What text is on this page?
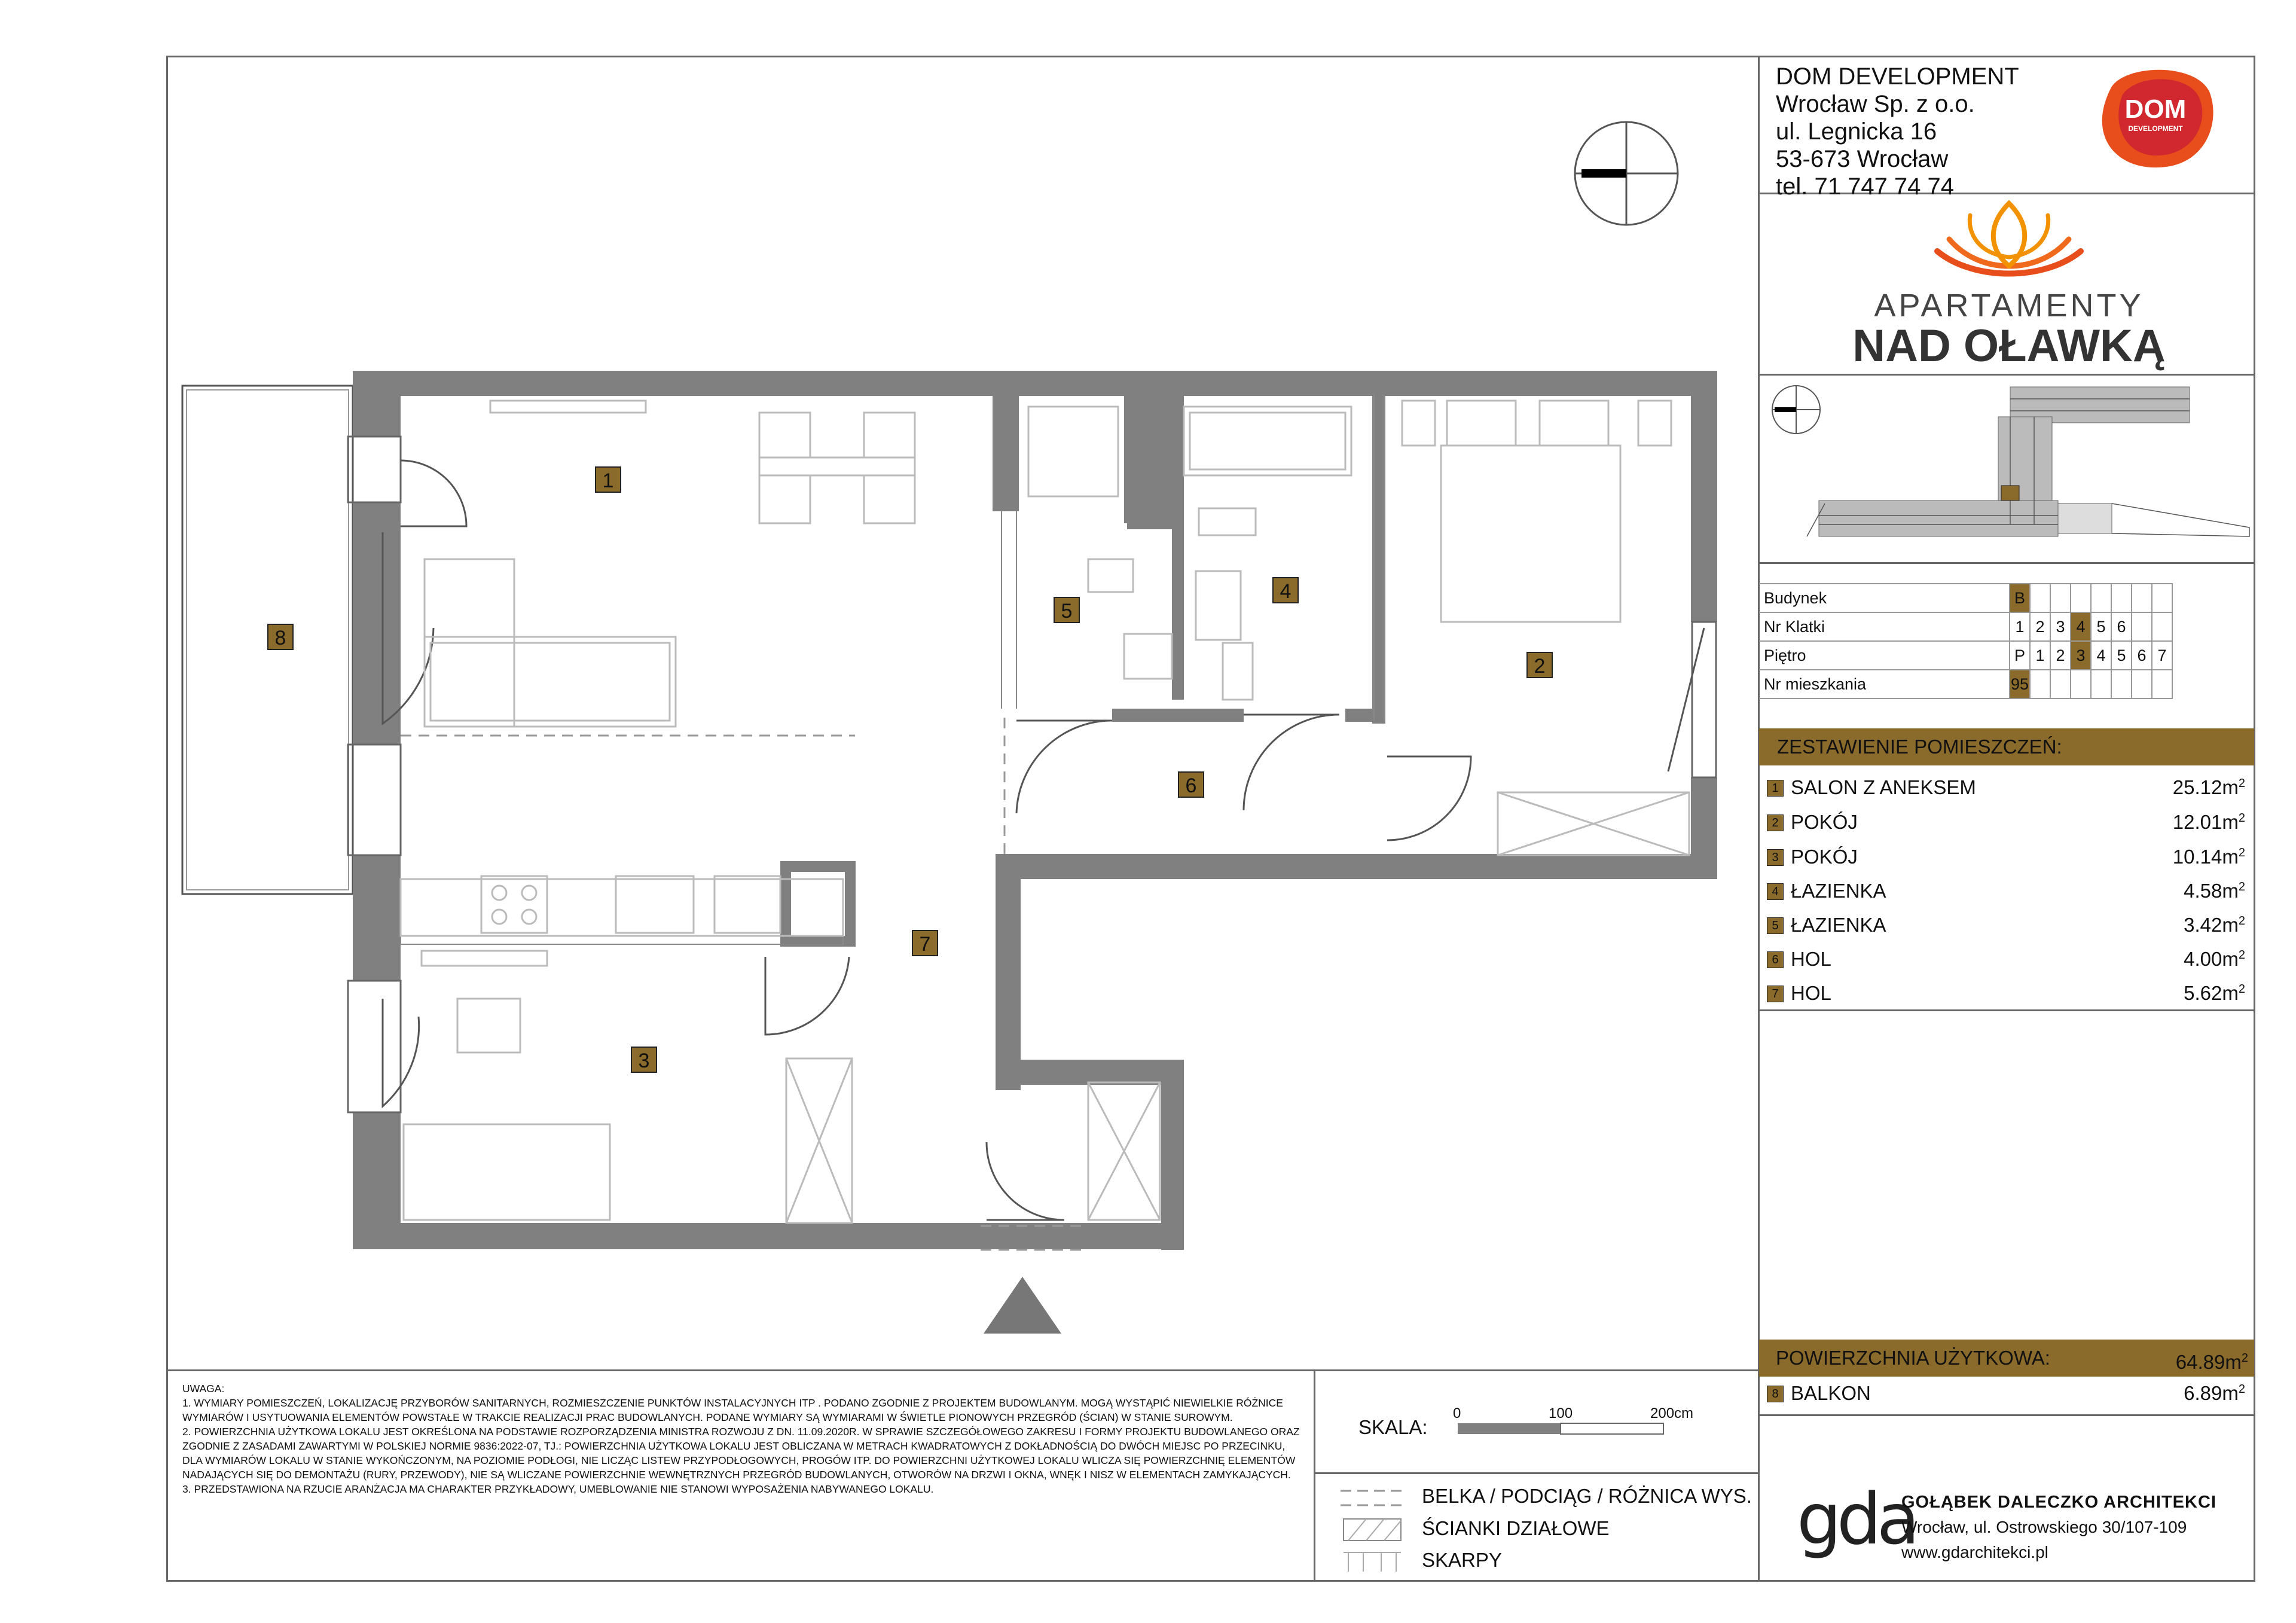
1
2
3
4
5
6
7
8
DOM DEVELOPMENT
Wrocław Sp. z o.o.
ul. Legnicka 16
53-673 Wrocław
tel. 71 747 74 74
DOM
DEVELOPMENT
APARTAMENTY
NAD OŁAWKĄ
Budynek	B							
Nr Klatki	1	2	3	4	5	6		
Piętro	P	1	2	3	4	5	6	7
Nr mieszkania	95							
ZESTAWIENIE POMIESZCZEŃ:
1 SALON Z ANEKSEM	$25.12m^2$
2 POKÓJ	$12.01m^2$
3 POKÓJ	$10.14m^2$
4 ŁAZIENKA	$4.58m^2$
5 ŁAZIENKA	$3.42m^2$
6 HOL	$4.00m^2$
7 HOL	$5.62m^2$
POWIERZCHNIA UŻYTKOWA:	$64.89m^2$
8 BALKON	$6.89m^2$
UWAGA:
1. WYMIARY POMIESZCZEŃ, LOKALIZACJĘ PRZYBORÓW SANITARNYCH, ROZMIESZCZENIE PUNKTÓW INSTALACYJNYCH ITP . PODANO ZGODNIE Z PROJEKTEM BUDOWLANYM. MOGĄ WYSTĄPIĆ NIEWIELKIE RÓŻNICE WYMIARÓW I USYTUOWANIA ELEMENTÓW POWSTAŁE W TRAKCIE REALIZACJI PRAC BUDOWLANYCH. PODANE WYMIARY SĄ WYMIARAMI W ŚWIETLE PIONOWYCH PRZEGRÓD (ŚCIAN) W STANIE SUROWYM.
2. POWIERZCHNIA UŻYTKOWA LOKALU JEST OKREŚLONA NA PODSTAWIE ROZPORZĄDZENIA MINISTRA ROZWOJU Z DN. 11.09.2020R. W SPRAWIE SZCZEGÓŁOWEGO ZAKRESU I FORMY PROJEKTU BUDOWLANEGO ORAZ ZGODNIE Z ZASADAMI ZAWARTYMI W POLSKIEJ NORMIE 9836:2022-07, TJ.: POWIERZCHNIA UŻYTKOWA LOKALU JEST OBLICZANA W METRACH KWADRATOWYCH Z DOKŁADNOŚCIĄ DO DWÓCH MIEJSC PO PRZECINKU, DLA WYMIARÓW LOKALU W STANIE WYKOŃCZONYM, NA POZIOMIE PODŁOGI, NIE LICZĄC LISTEW PRZYPODŁOGOWYCH, PROGÓW ITP. DO POWIERZCHNI UŻYTKOWEJ LOKALU WLICZA SIĘ POWIERZCHNIĘ ELEMENTÓW NADAJĄCYCH SIĘ DO DEMONTAŻU (RURY, PRZEWODY), NIE SĄ WLICZANE POWIERZCHNIE WEWNĘTRZNYCH PRZEGRÓD BUDOWLANYCH, OTWORÓW NA DRZWI I OKNA, WNĘK I NISZ W ELEMENTACH ZAMYKAJĄCYCH.
3. PRZEDSTAWIONA NA RZUCIE ARANŻACJA MA CHARAKTER PRZYKŁADOWY, UMEBLOWANIE NIE STANOWI WYPOSAŻENIA NABYWANEGO LOKALU.
SKALA:
0	100	200cm
BELKA / PODCIĄG / RÓŻNICA WYS.
ŚCIANKI DZIAŁOWE
SKARPY	gda
GOŁĄBEK DALECZKO ARCHITEKCI
Wrocław, ul. Ostrowskiego 30/107-109
www.gdarchitekci.pl
